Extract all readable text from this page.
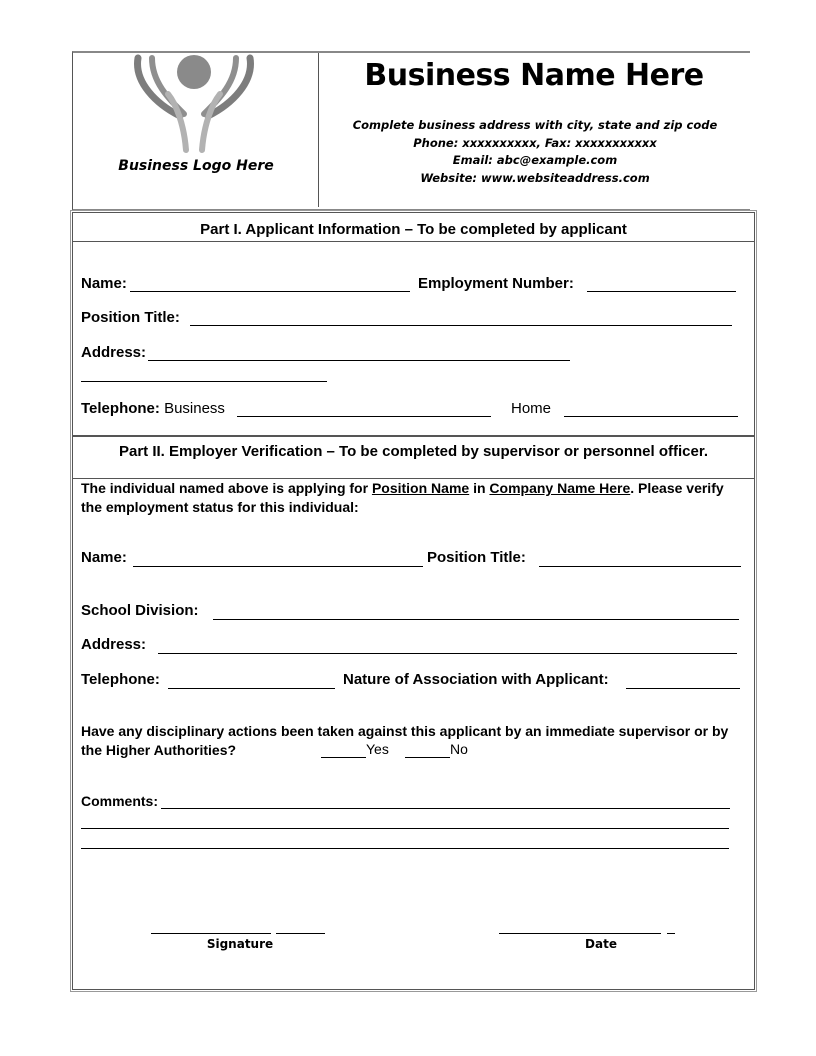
Business Logo Here
Business Name Here
Complete business address with city, state and zip code
Phone: xxxxxxxxxx, Fax: xxxxxxxxxxx
Email: abc@example.com
Website: www.websiteaddress.com
Part I. Applicant Information – To be completed by applicant
Name:	Employment Number:
Position Title:
Address:
Telephone: Business	Home
Part II. Employer Verification – To be completed by supervisor or personnel officer.
The individual named above is applying for Position Name in Company Name Here. Please verify the employment status for this individual:
Name:	Position Title:
School Division:
Address:
Telephone:	Nature of Association with Applicant:
Have any disciplinary actions been taken against this applicant by an immediate supervisor or by the Higher Authorities?	Yes	No
Comments:
Signature	Date
